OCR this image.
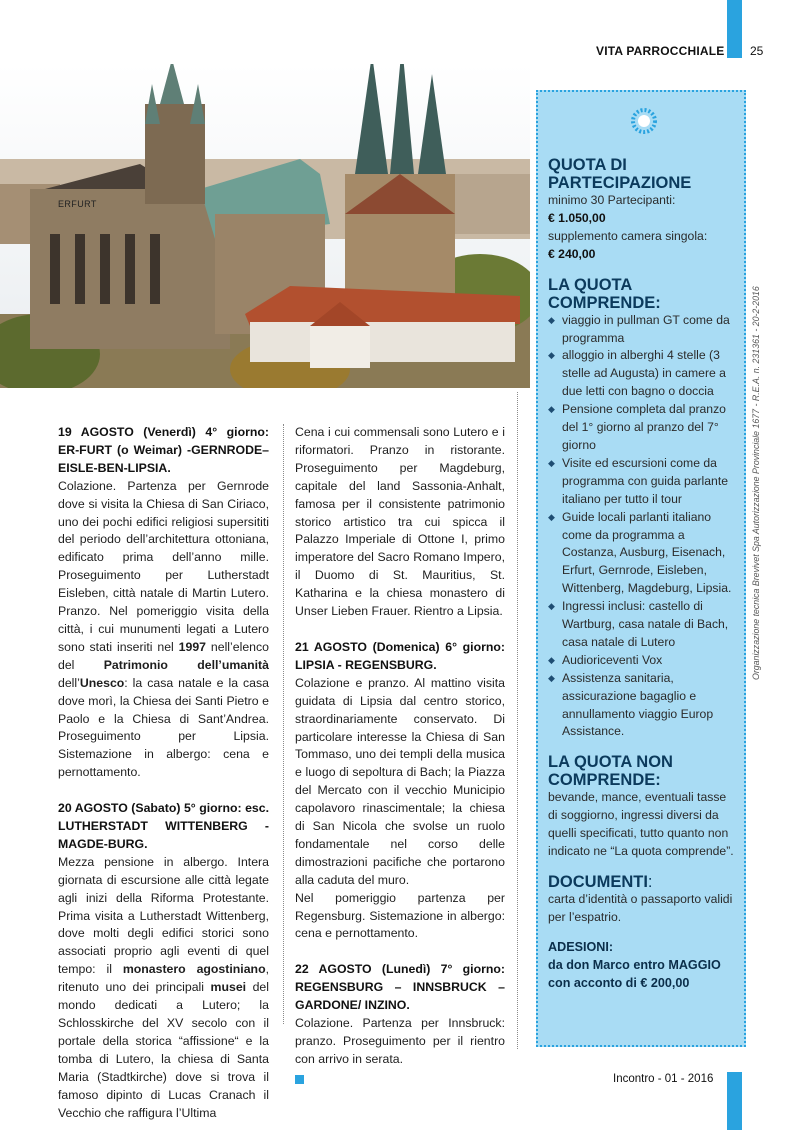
VITA PARROCCHIALE 25
ERFURT
19 AGOSTO (Venerdì) 4° giorno: ER-FURT (o Weimar) -GERNRODE–EISLE-BEN-LIPSIA.

Colazione. Partenza per Gernrode dove si visita la Chiesa di San Ciriaco, uno dei pochi edifici religiosi supersititi del periodo dell’architettura ottoniana, edificato prima dell’anno mille. Proseguimento per Lutherstadt Eisleben, città natale di Martin Lutero. Pranzo. Nel pomeriggio visita della città, i cui munumenti legati a Lutero sono stati inseriti nel 1997 nell’elenco del Patrimonio dell’umanità dell’Unesco: la casa natale e la casa dove morì, la Chiesa dei Santi Pietro e Paolo e la Chiesa di Sant’Andrea. Proseguimento per Lipsia. Sistemazione in albergo: cena e pernottamento.

20 AGOSTO (Sabato) 5° giorno: esc. LUTHERSTADT WITTENBERG -MAGDE-BURG.

Mezza pensione in albergo. Intera giornata di escursione alle città legate agli inizi della Riforma Protestante. Prima visita a Lutherstadt Wittenberg, dove molti degli edifici storici sono associati proprio agli eventi di quel tempo: il monastero agostiniano, ritenuto uno dei principali musei del mondo dedicati a Lutero; la Schlosskirche del XV secolo con il portale della storica “affissione“ e la tomba di Lutero, la chiesa di Santa Maria (Stadtkirche) dove si trova il famoso dipinto di Lucas Cranach il Vecchio che raffigura l’Ultima

Cena i cui commensali sono Lutero e i riformatori. Pranzo in ristorante. Proseguimento per Magdeburg, capitale del land Sassonia-Anhalt, famosa per il consistente patrimonio storico artistico tra cui spicca il Palazzo Imperiale di Ottone I, primo imperatore del Sacro Romano Impero, il Duomo di St. Mauritius, St. Katharina e la chiesa monastero di Unser Lieben Frauer. Rientro a Lipsia.

21 AGOSTO (Domenica) 6° giorno: LIPSIA - REGENSBURG.

Colazione e pranzo. Al mattino visita guidata di Lipsia dal centro storico, straordinariamente conservato. Di particolare interesse la Chiesa di San Tommaso, uno dei templi della musica e luogo di sepoltura di Bach; la Piazza del Mercato con il vecchio Municipio capolavoro rinascimentale; la chiesa di San Nicola che svolse un ruolo fondamentale nel corso delle dimostrazioni pacifiche che portarono alla caduta del muro.

Nel pomeriggio partenza per Regensburg. Sistemazione in albergo: cena e pernottamento.

22 AGOSTO (Lunedì) 7° giorno: REGENSBURG – INNSBRUCK – GARDONE/ INZINO.

Colazione. Partenza per Innsbruck: pranzo. Proseguimento per il rientro con arrivo in serata.

QUOTA DI PARTECIPAZIONE
minimo 30 Partecipanti:
€ 1.050,00
supplemento camera singola:
€ 240,00
LA QUOTA COMPRENDE:
◆ viaggio in pullman GT come da programma
◆ alloggio in alberghi 4 stelle (3 stelle ad Augusta) in camere a due letti con bagno o doccia
◆ Pensione completa dal pranzo del 1° giorno al pranzo del 7° giorno
◆ Visite ed escursioni come da programma con guida parlante italiano per tutto il tour
◆ Guide locali parlanti italiano come da programma a Costanza, Ausburg, Eisenach, Erfurt, Gernrode, Eisleben, Wittenberg, Magdeburg, Lipsia.
◆ Ingressi inclusi: castello di Wartburg, casa natale di Bach, casa natale di Lutero
◆ Audioriceventi Vox
◆ Assistenza sanitaria, assicurazione bagaglio e annullamento viaggio Europ Assistance.
LA QUOTA NON COMPRENDE:
bevande, mance, eventuali tasse di soggiorno, ingressi diversi da quelli specificati, tutto quanto non indicato ne “La quota comprende”.
DOCUMENTI:
carta d’identità o passaporto validi per l’espatrio.
ADESIONI:
da don Marco entro MAGGIO
con acconto di € 200,00
Organizzazione tecnica Brevivet Spa Autorizzazione Provinciale 1677 - R.E.A. n. 231361 - 20-2-2016
Incontro - 01 - 2016
